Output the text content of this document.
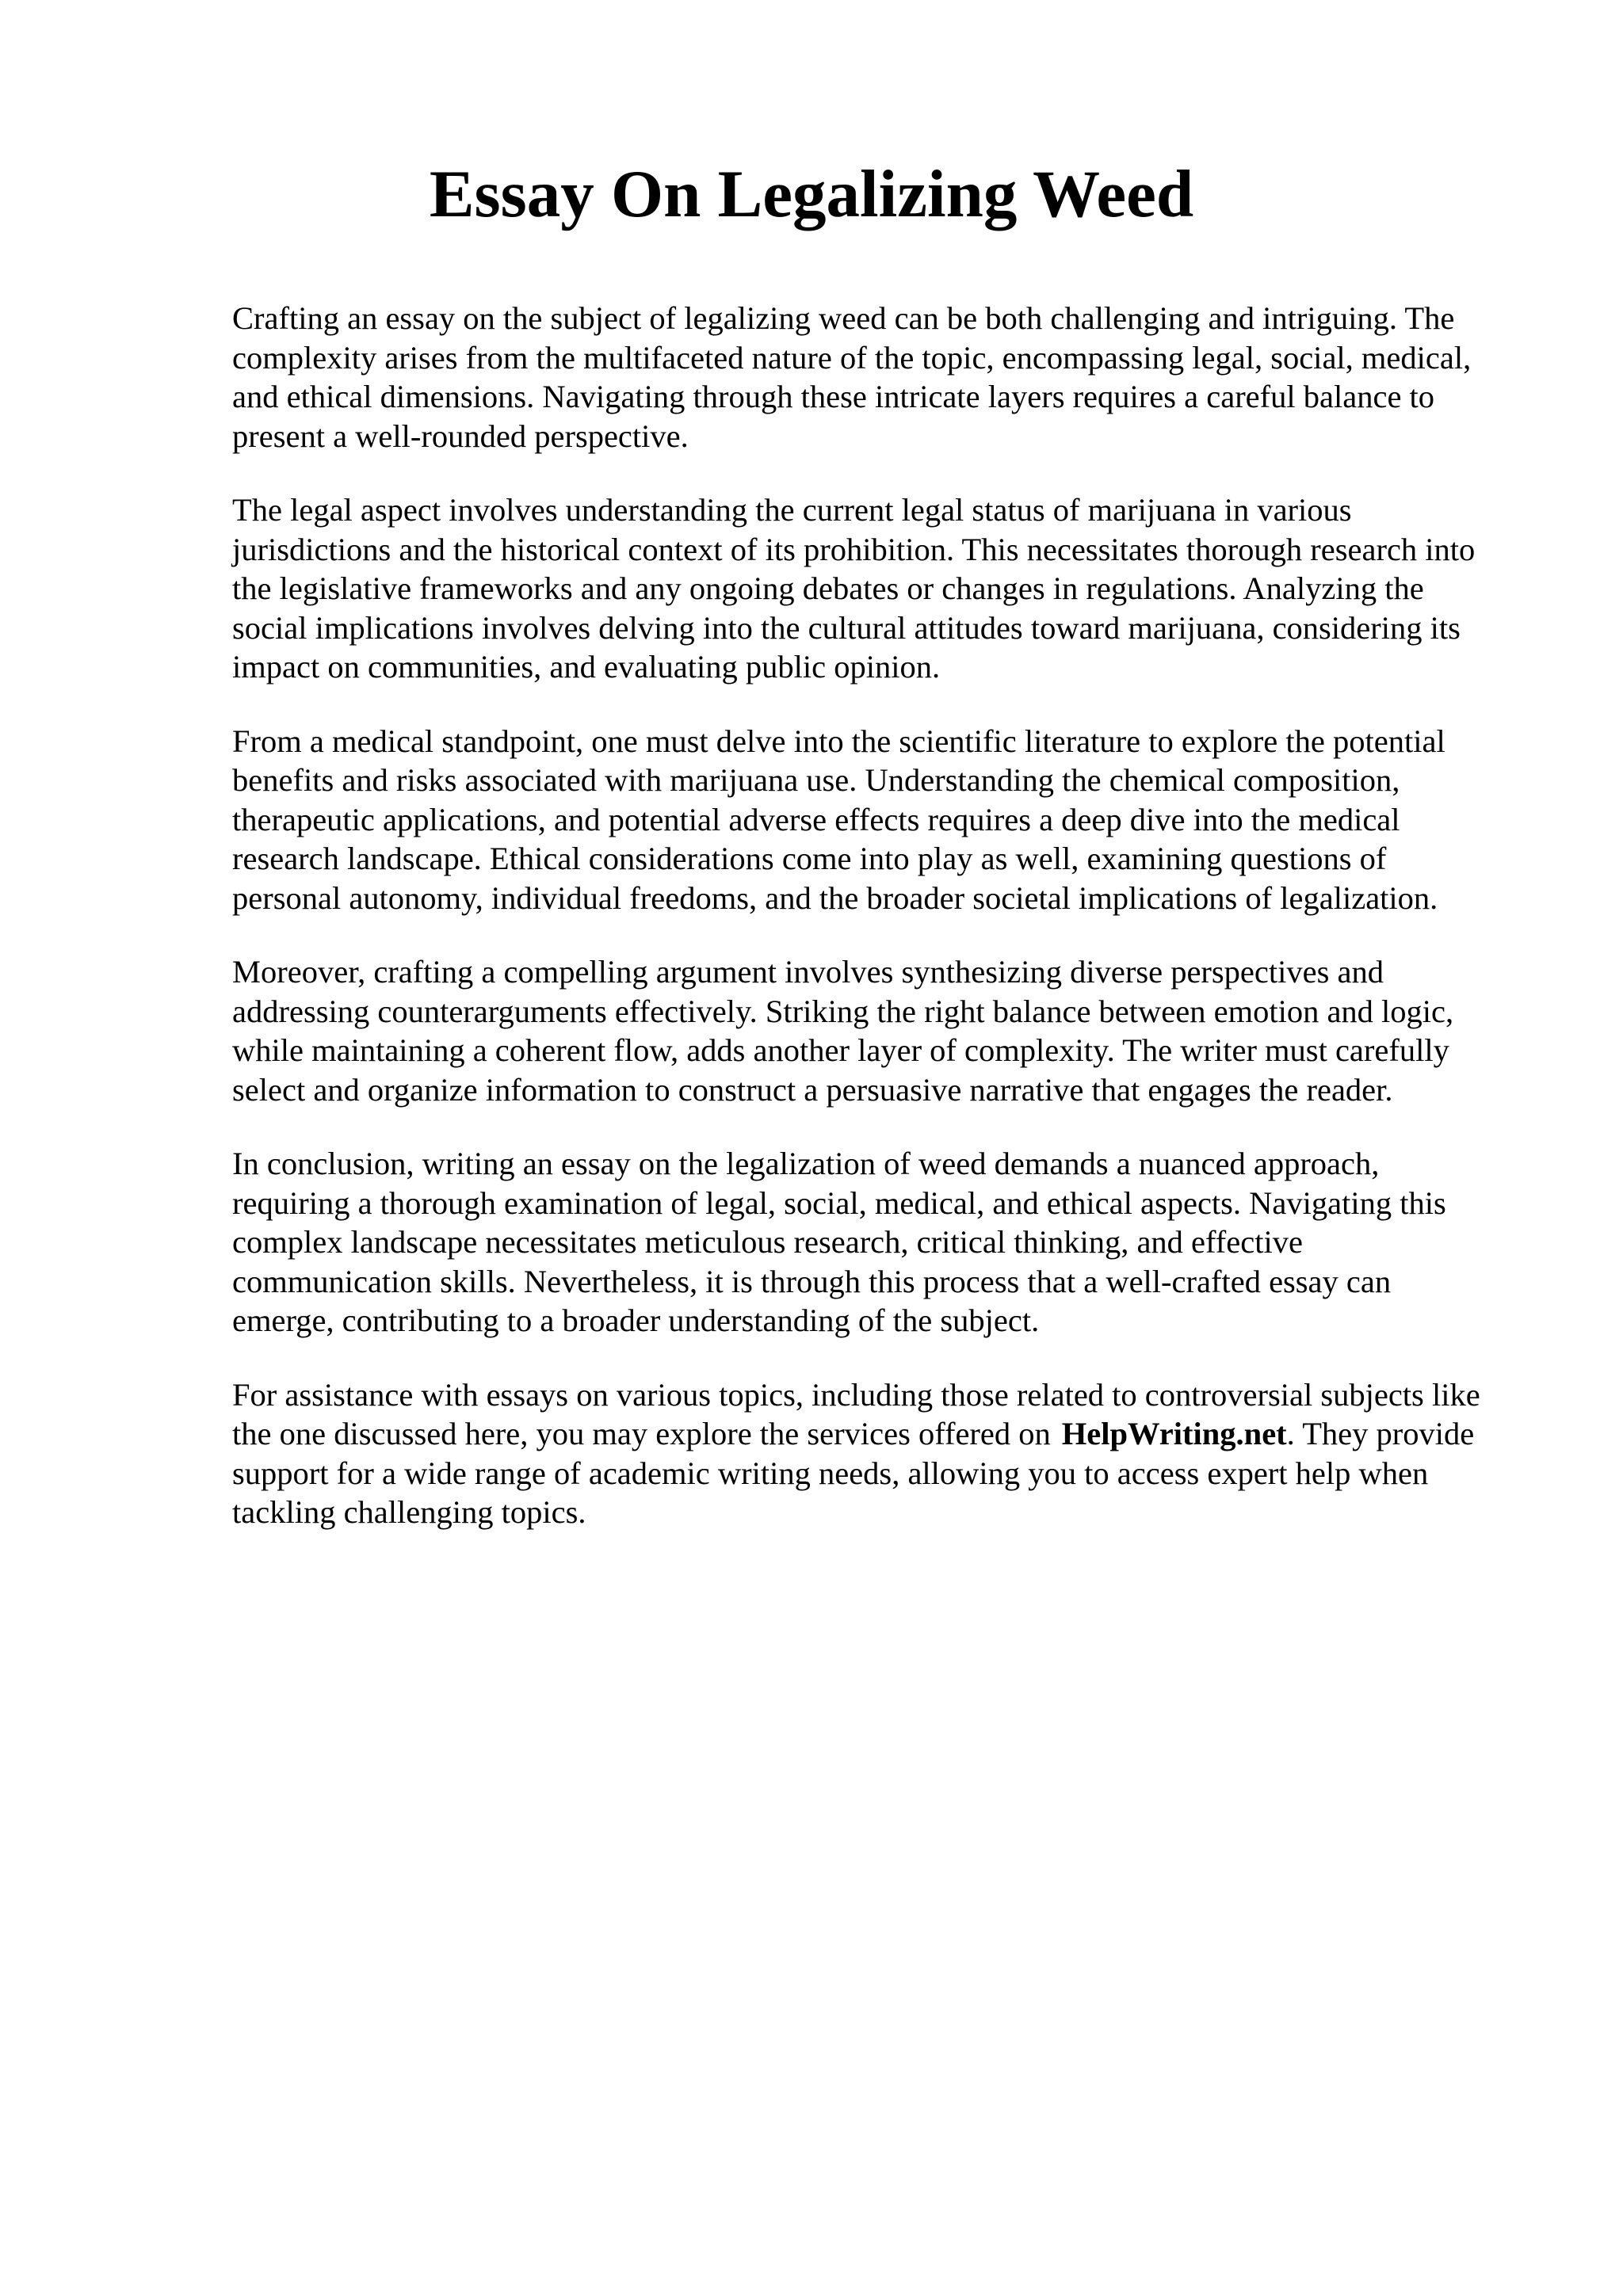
Essay On Legalizing Weed

Crafting an essay on the subject of legalizing weed can be both challenging and intriguing. The
complexity arises from the multifaceted nature of the topic, encompassing legal, social, medical,
and ethical dimensions. Navigating through these intricate layers requires a careful balance to
present a well-rounded perspective.

The legal aspect involves understanding the current legal status of marijuana in various
jurisdictions and the historical context of its prohibition. This necessitates thorough research into
the legislative frameworks and any ongoing debates or changes in regulations. Analyzing the
social implications involves delving into the cultural attitudes toward marijuana, considering its
impact on communities, and evaluating public opinion.

From a medical standpoint, one must delve into the scientific literature to explore the potential
benefits and risks associated with marijuana use. Understanding the chemical composition,
therapeutic applications, and potential adverse effects requires a deep dive into the medical
research landscape. Ethical considerations come into play as well, examining questions of
personal autonomy, individual freedoms, and the broader societal implications of legalization.

Moreover, crafting a compelling argument involves synthesizing diverse perspectives and
addressing counterarguments effectively. Striking the right balance between emotion and logic,
while maintaining a coherent flow, adds another layer of complexity. The writer must carefully
select and organize information to construct a persuasive narrative that engages the reader.

In conclusion, writing an essay on the legalization of weed demands a nuanced approach,
requiring a thorough examination of legal, social, medical, and ethical aspects. Navigating this
complex landscape necessitates meticulous research, critical thinking, and effective
communication skills. Nevertheless, it is through this process that a well-crafted essay can
emerge, contributing to a broader understanding of the subject.

For assistance with essays on various topics, including those related to controversial subjects like
the one discussed here, you may explore the services offered on HelpWriting.net. They provide
support for a wide range of academic writing needs, allowing you to access expert help when
tackling challenging topics.
